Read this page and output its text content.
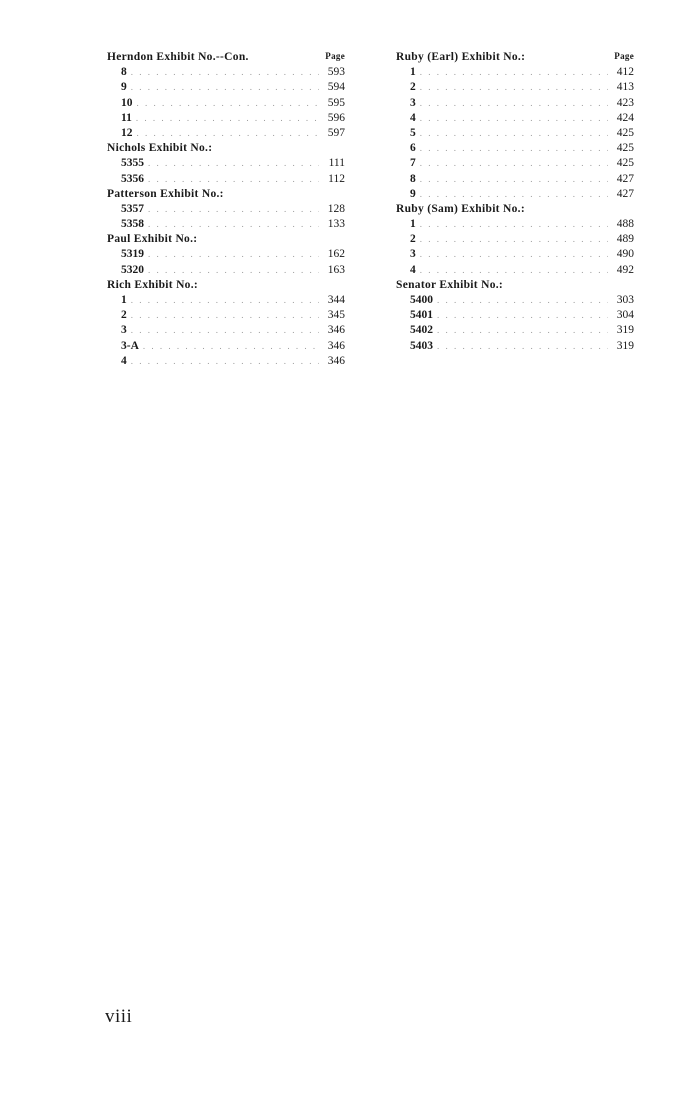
Herndon Exhibit No.--Con.	Page
8 . . .	593
9 . . .	594
10 . . .	595
11 . . .	596
12 . . .	597
Nichols Exhibit No.:
5355 . . .	111
5356 . . .	112
Patterson Exhibit No.:
5357 . . .	128
5358 . . .	133
Paul Exhibit No.:
5319 . . .	162
5320 . . .	163
Rich Exhibit No.:
1 . . .	344
2 . . .	345
3 . . .	346
3-A . . .	346
4 . . .	346
Ruby (Earl) Exhibit No.:	Page
1 . . .	412
2 . . .	413
3 . . .	423
4 . . .	424
5 . . .	425
6 . . .	425
7 . . .	425
8 . . .	427
9 . . .	427
Ruby (Sam) Exhibit No.:
1 . . .	488
2 . . .	489
3 . . .	490
4 . . .	492
Senator Exhibit No.:
5400 . . .	303
5401 . . .	304
5402 . . .	319
5403 . . .	319
viii
